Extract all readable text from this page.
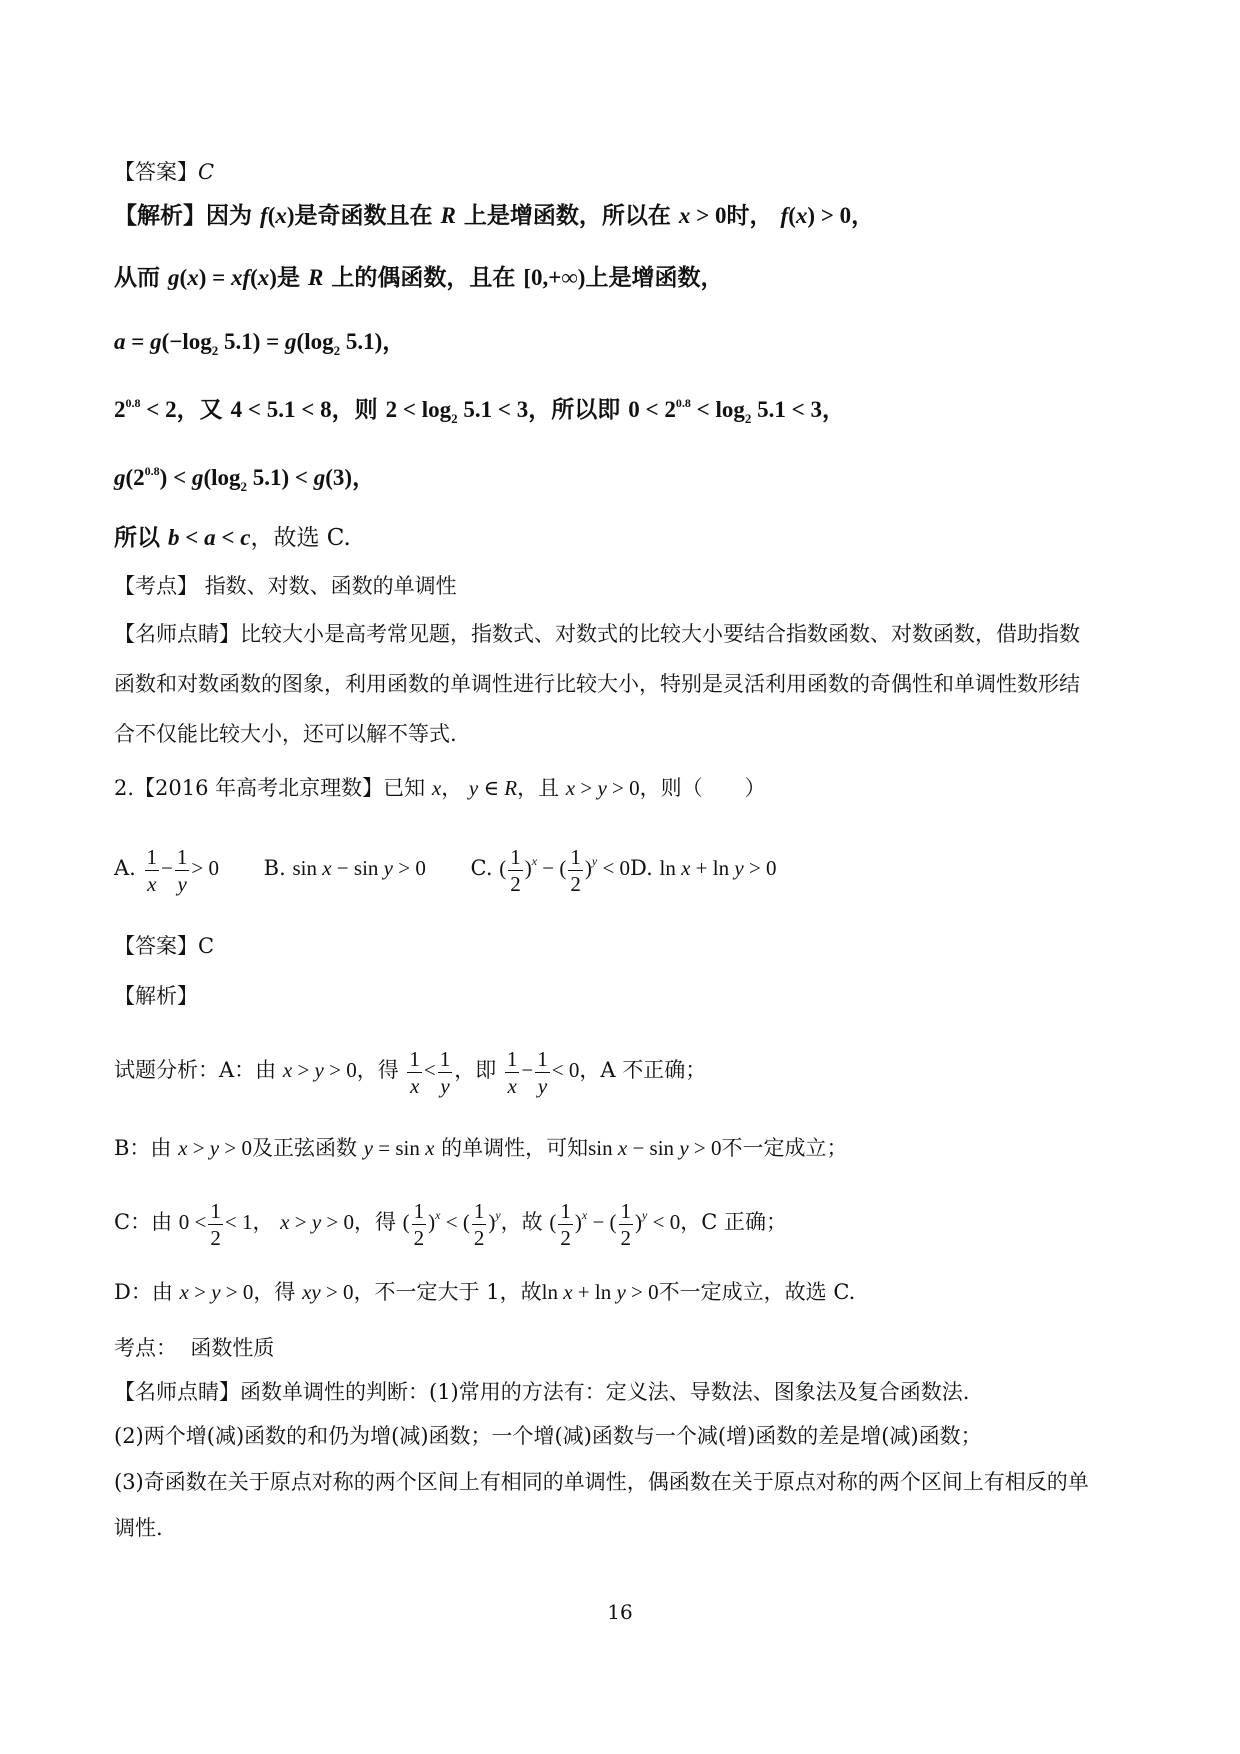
【答案】C
【解析】因为 f(x)是奇函数且在 R 上是增函数，所以在 x > 0时， f(x) > 0，
从而 g(x) = xf(x)是 R 上的偶函数，且在 [0,+∞)上是增函数，
$a = g(-\log_2$ $5.1) = g(\log_2$ 5.1)，
$2^{0.8} < 2$，又 4 < 5.1 < 8，则 $2 < \log_2 5.1 < 3$，所以即 $0 < 2^{0.8} < \log_2 5.1 < 3$，
$g(2^{0.8}) < g(\log_2$ 5.1) < g(3)，
所以 b < a < c，故选 C.
【考点】 指数、对数、函数的单调性
【名师点睛】比较大小是高考常见题，指数式、对数式的比较大小要结合指数函数、对数函数，借助指数
函数和对数函数的图象，利用函数的单调性进行比较大小，特别是灵活利用函数的奇偶性和单调性数形结
合不仅能比较大小，还可以解不等式.
2.【2016 年高考北京理数】已知 x， y ∈ R，且 x > y > 0，则（　　）
A. $\frac{1}{x} - \frac{1}{y} > 0$ B. sin x − sin y > 0 C. ( $\frac{1}{2} )^x$ − ( $\frac{1}{2} )^y < 0D$. ln x + ln y > 0
【答案】C
【解析】
试题分析：A：由 x > y > 0，得 $\frac{1}{x} < \frac{1}{y}$ ，即 $\frac{1}{x} - \frac{1}{y} < 0$，A 不正确；
B：由 x > y > 0及正弦函数 y = sin x 的单调性，可知sin x − sin y > 0不一定成立；
C：由 $0 < \frac{1}{2} < 1$， x > y > 0，得 ( $\frac{1}{2} )^x$ < ( $\frac{1}{2} )^y$，故 ( $\frac{1}{2} )^x$ − ( $\frac{1}{2} )^y < 0$，C 正确；
D：由 x > y > 0，得 xy > 0，不一定大于 1，故ln x + ln y > 0不一定成立，故选 C.
考点： 函数性质
【名师点睛】函数单调性的判断：(1)常用的方法有：定义法、导数法、图象法及复合函数法.
(2)两个增(减)函数的和仍为增(减)函数；一个增(减)函数与一个减(增)函数的差是增(减)函数；
(3)奇函数在关于原点对称的两个区间上有相同的单调性，偶函数在关于原点对称的两个区间上有相反的单
调性.
16
